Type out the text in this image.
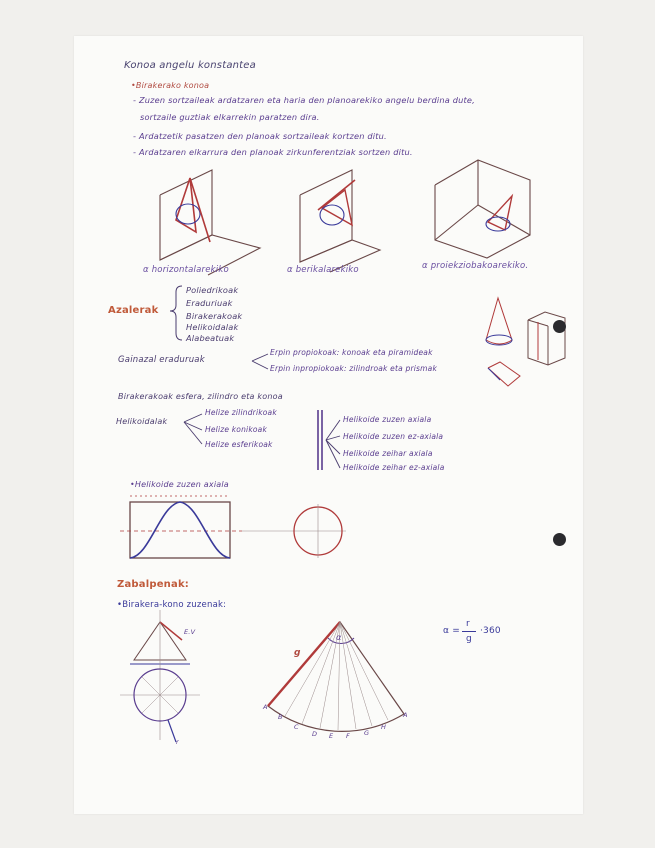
Konoa angelu konstantea
•Birakerako konoa
- Zuzen sortzaileak ardatzaren eta haria den planoarekiko angelu berdina dute,
sortzaile guztiak elkarrekin paratzen dira.
- Ardatzetik pasatzen den planoak sortzaileak kortzen ditu.
- Ardatzaren elkarrura den planoak zirkunferentziak sortzen ditu.
α horizontalarekiko	α berikalarekiko	α proiekziobakoarekiko.
Azalerak
Poliedrikoak
Eraduriuak
Birakerakoak
Helikoidalak
Alabeatuak
Gainazal eraduruak
Erpin propiokoak: konoak eta piramideak
Erpin inpropiokoak: zilindroak eta prismak
Birakerakoak esfera, zilindro eta konoa
Helikoidalak
Helize zilindrikoak
Helize konikoak
Helize esferikoak
Helikoide zuzen axiala
Helikoide zuzen ez-axiala
Helikoide zeihar axiala
Helikoide zeihar ez-axiala
•Helikoide zuzen axiala
Zabalpenak:
•Birakera-kono zuzenak:
α =
r
g
·360
g
α
E.V
r
A
B
C
D E F G
H
A
